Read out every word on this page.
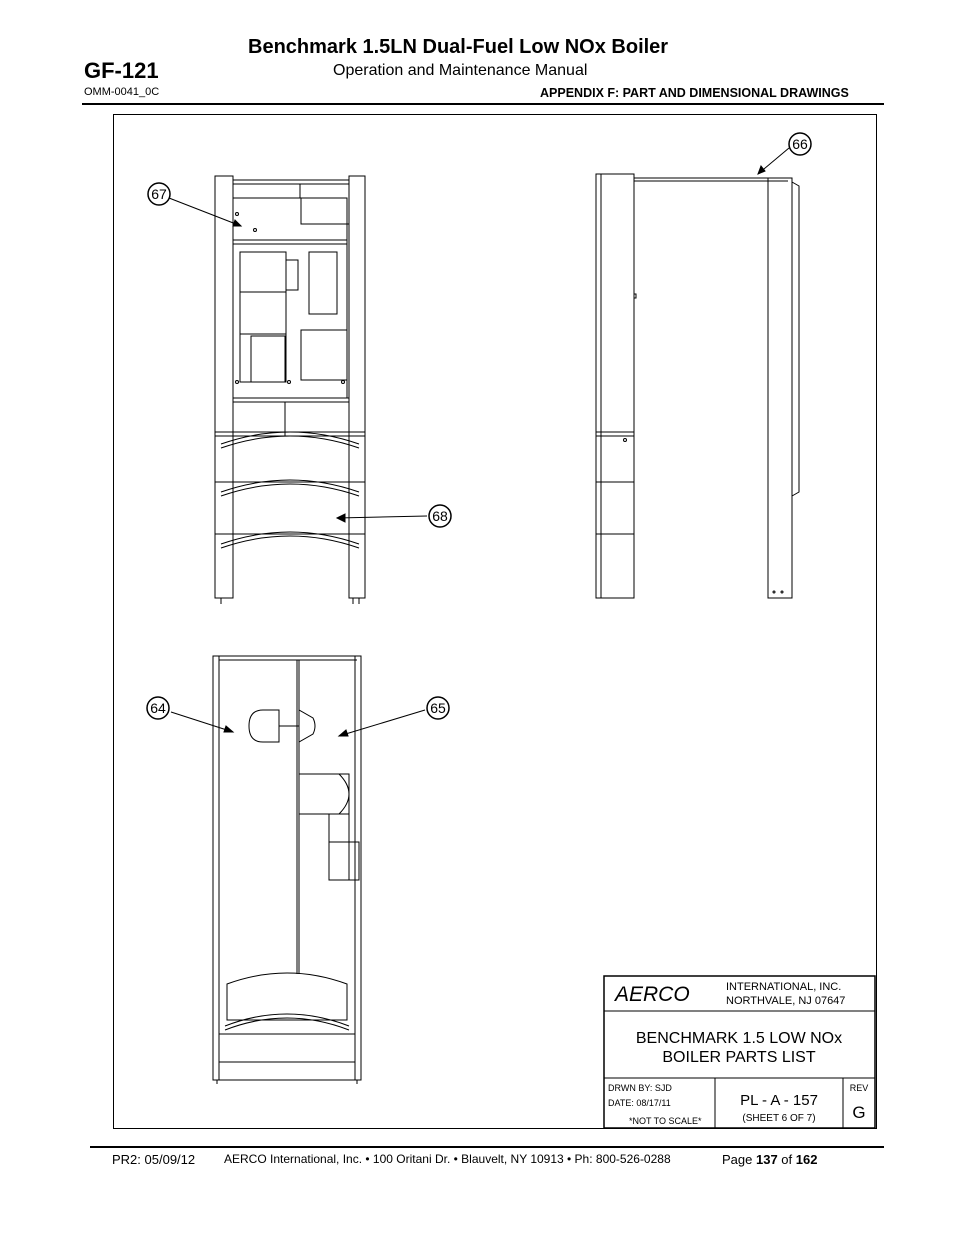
Benchmark 1.5LN Dual-Fuel Low NOx Boiler
Operation and Maintenance Manual
GF-121
OMM-0041_0C	APPENDIX F: PART AND DIMENSIONAL DRAWINGS
67
66
68
64	65
AERCO	INTERNATIONAL, INC.
NORTHVALE, NJ 07647
BENCHMARK 1.5 LOW NOx
BOILER PARTS LIST
DRWN BY: SJD
DATE: 08/17/11
*NOT TO SCALE*
PL - A - 157
(SHEET 6 OF 7)
REV
G
PR2: 05/09/12 AERCO International, Inc. • 100 Oritani Dr. • Blauvelt, NY 10913 • Ph: 800-526-0288	Page 137 of 162
